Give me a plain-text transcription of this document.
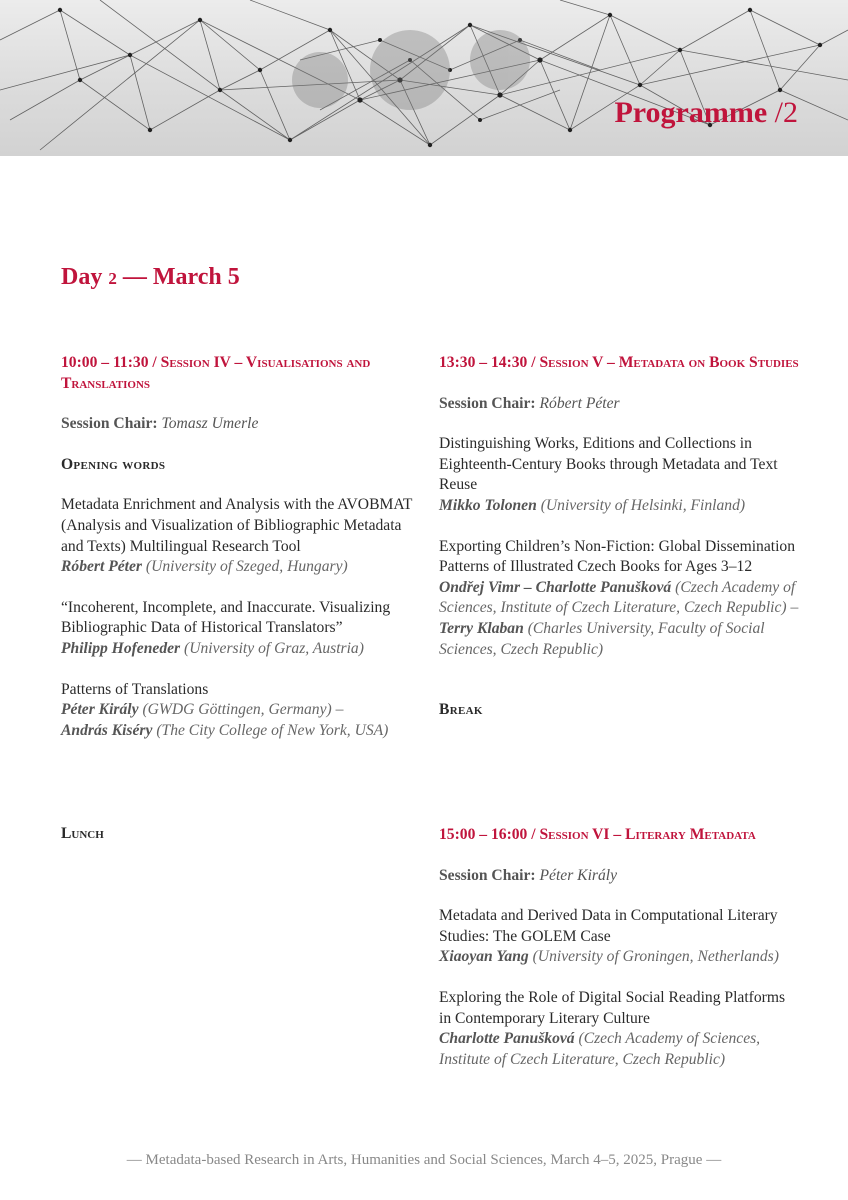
Programme /2
Day 2 — March 5

10:00 – 11:30 / Session IV – Visualisations and Translations

Session Chair: Tomasz Umerle

Opening words

Metadata Enrichment and Analysis with the AVOBMAT (Analysis and Visualization of Bibliographic Metadata and Texts) Multilingual Research Tool
Róbert Péter (University of Szeged, Hungary)
“Incoherent, Incomplete, and Inaccurate. Visualizing Bibliographic Data of Historical Translators”
Philipp Hofeneder (University of Graz, Austria)
Patterns of Translations
Péter Király (GWDG Göttingen, Germany) –
András Kiséry (The City College of New York, USA)
Lunch

13:30 – 14:30 / Session V – Metadata on Book Studies

Session Chair: Róbert Péter

Distinguishing Works, Editions and Collections in Eighteenth-Century Books through Metadata and Text Reuse
Mikko Tolonen (University of Helsinki, Finland)
Exporting Children’s Non-Fiction: Global Dissemination Patterns of Illustrated Czech Books for Ages 3–12
Ondřej Vimr – Charlotte Panušková (Czech Academy of Sciences, Institute of Czech Literature, Czech Republic) – Terry Klaban (Charles University, Faculty of Social Sciences, Czech Republic)

Break

15:00 – 16:00 / Session VI – Literary Metadata

Session Chair: Péter Király

Metadata and Derived Data in Computational Literary Studies: The GOLEM Case
Xiaoyan Yang (University of Groningen, Netherlands)
Exploring the Role of Digital Social Reading Platforms in Contemporary Literary Culture
Charlotte Panušková (Czech Academy of Sciences, Institute of Czech Literature, Czech Republic)
— Metadata-based Research in Arts, Humanities and Social Sciences, March 4–5, 2025, Prague —
